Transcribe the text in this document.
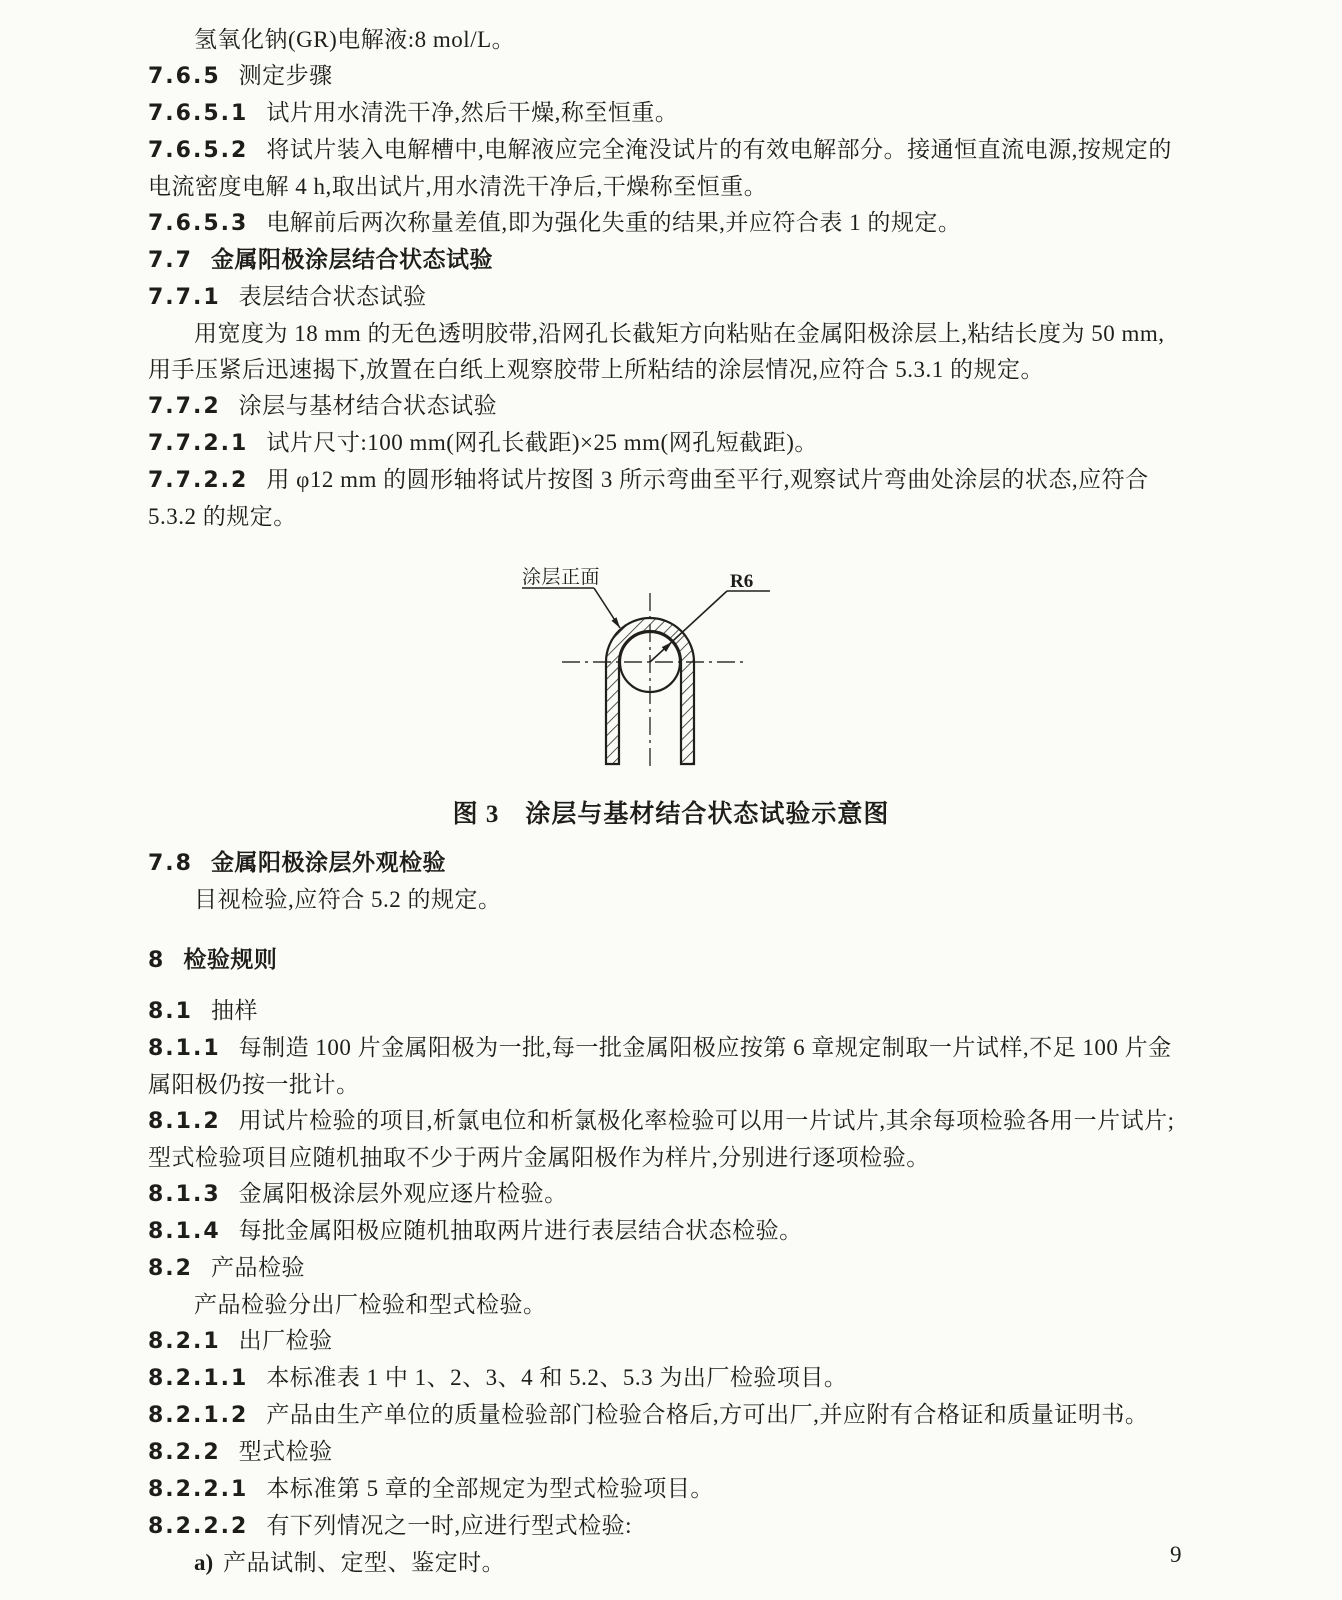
氢氧化钠(GR)电解液:8 mol/L。
7.6.5 测定步骤
7.6.5.1 试片用水清洗干净,然后干燥,称至恒重。
7.6.5.2 将试片装入电解槽中,电解液应完全淹没试片的有效电解部分。接通恒直流电源,按规定的
电流密度电解 4 h,取出试片,用水清洗干净后,干燥称至恒重。
7.6.5.3 电解前后两次称量差值,即为强化失重的结果,并应符合表 1 的规定。
7.7 金属阳极涂层结合状态试验
7.7.1 表层结合状态试验
用宽度为 18 mm 的无色透明胶带,沿网孔长截矩方向粘贴在金属阳极涂层上,粘结长度为 50 mm,
用手压紧后迅速揭下,放置在白纸上观察胶带上所粘结的涂层情况,应符合 5.3.1 的规定。
7.7.2 涂层与基材结合状态试验
7.7.2.1 试片尺寸:100 mm(网孔长截距)×25 mm(网孔短截距)。
7.7.2.2 用 φ12 mm 的圆形轴将试片按图 3 所示弯曲至平行,观察试片弯曲处涂层的状态,应符合
5.3.2 的规定。
R6
涂层正面
图 3 涂层与基材结合状态试验示意图
7.8 金属阳极涂层外观检验
目视检验,应符合 5.2 的规定。
8 检验规则
8.1 抽样
8.1.1 每制造 100 片金属阳极为一批,每一批金属阳极应按第 6 章规定制取一片试样,不足 100 片金
属阳极仍按一批计。
8.1.2 用试片检验的项目,析氯电位和析氯极化率检验可以用一片试片,其余每项检验各用一片试片;
型式检验项目应随机抽取不少于两片金属阳极作为样片,分别进行逐项检验。
8.1.3 金属阳极涂层外观应逐片检验。
8.1.4 每批金属阳极应随机抽取两片进行表层结合状态检验。
8.2 产品检验
产品检验分出厂检验和型式检验。
8.2.1 出厂检验
8.2.1.1 本标准表 1 中 1、2、3、4 和 5.2、5.3 为出厂检验项目。
8.2.1.2 产品由生产单位的质量检验部门检验合格后,方可出厂,并应附有合格证和质量证明书。
8.2.2 型式检验
8.2.2.1 本标准第 5 章的全部规定为型式检验项目。
8.2.2.2 有下列情况之一时,应进行型式检验:
a) 产品试制、定型、鉴定时。	9
